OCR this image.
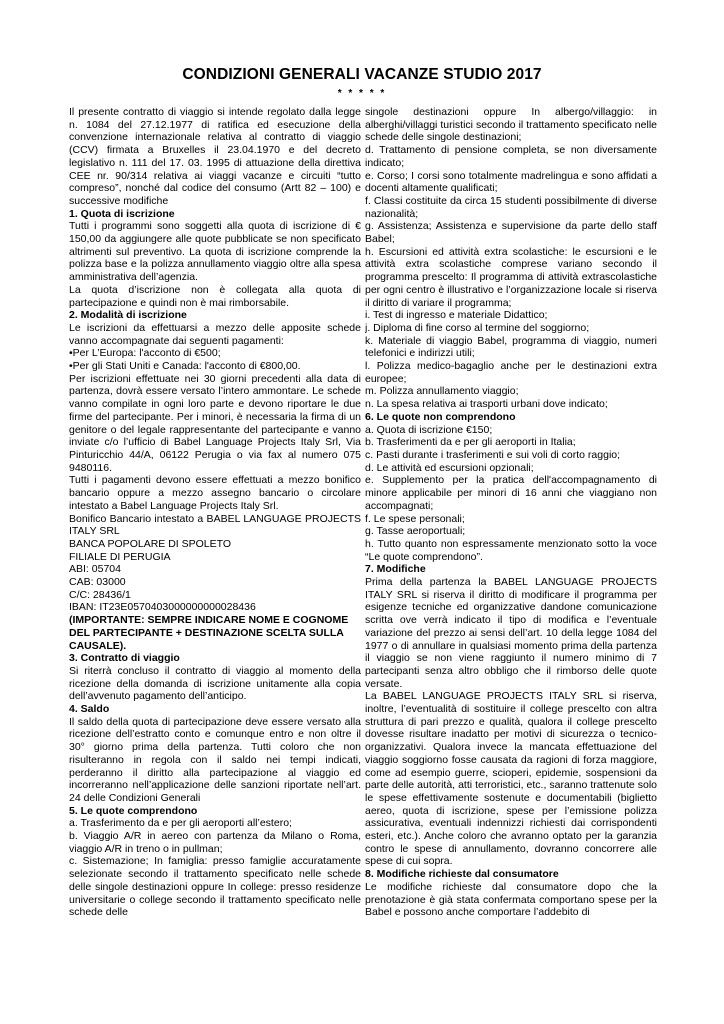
CONDIZIONI GENERALI VACANZE STUDIO 2017
* * * * *

Il presente contratto di viaggio si intende regolato dalla legge n. 1084 del 27.12.1977 di ratifica ed esecuzione della convenzione internazionale relativa al contratto di viaggio (CCV) firmata a Bruxelles il 23.04.1970 e del decreto legislativo n. 111 del 17. 03. 1995 di attuazione della direttiva CEE nr. 90/314 relativa ai viaggi vacanze e circuiti “tutto compreso”, nonché dal codice del consumo (Artt 82 – 100) e successive modifiche

1. Quota di iscrizione

Tutti i programmi sono soggetti alla quota di iscrizione di € 150,00 da aggiungere alle quote pubblicate se non specificato altrimenti sul preventivo. La quota di iscrizione comprende la polizza base e la polizza annullamento viaggio oltre alla spesa amministrativa dell’agenzia.

La quota d’iscrizione non è collegata alla quota di partecipazione e quindi non è mai rimborsabile.

2. Modalità di iscrizione

Le iscrizioni da effettuarsi a mezzo delle apposite schede vanno accompagnate dai seguenti pagamenti:

•Per L’Europa: l'acconto di €500;

•Per gli Stati Uniti e Canada: l'acconto di €800,00.

Per iscrizioni effettuate nei 30 giorni precedenti alla data di partenza, dovrà essere versato l’intero ammontare. Le schede vanno compilate in ogni loro parte e devono riportare le due firme del partecipante. Per i minori, è necessaria la firma di un genitore o del legale rappresentante del partecipante e vanno inviate c/o l’ufficio di Babel Language Projects Italy Srl, Via Pinturicchio 44/A, 06122 Perugia o via fax al numero 075 9480116.

Tutti i pagamenti devono essere effettuati a mezzo bonifico bancario oppure a mezzo assegno bancario o circolare intestato a Babel Language Projects Italy Srl.

Bonifico Bancario intestato a BABEL LANGUAGE PROJECTS ITALY SRL

BANCA POPOLARE DI SPOLETO

FILIALE DI PERUGIA

ABI: 05704

CAB: 03000

C/C: 28436/1

IBAN: IT23E0570403000000000028436

(IMPORTANTE: SEMPRE INDICARE NOME E COGNOME DEL PARTECIPANTE + DESTINAZIONE SCELTA SULLA CAUSALE).

3. Contratto di viaggio

Si riterrà concluso il contratto di viaggio al momento della ricezione della domanda di iscrizione unitamente alla copia dell’avvenuto pagamento dell’anticipo.

4. Saldo

Il saldo della quota di partecipazione deve essere versato alla ricezione dell’estratto conto e comunque entro e non oltre il 30° giorno prima della partenza. Tutti coloro che non risulteranno in regola con il saldo nei tempi indicati, perderanno il diritto alla partecipazione al viaggio ed incorreranno nell’applicazione delle sanzioni riportate nell’art. 24 delle Condizioni Generali

5. Le quote comprendono

a. Trasferimento da e per gli aeroporti all’estero;

b. Viaggio A/R in aereo con partenza da Milano o Roma, viaggio A/R in treno o in pullman;

c. Sistemazione; In famiglia: presso famiglie accuratamente selezionate secondo il trattamento specificato nelle schede delle singole destinazioni oppure In college: presso residenze universitarie o college secondo il trattamento specificato nelle schede delle

singole destinazioni oppure In albergo/villaggio: in alberghi/villaggi turistici secondo il trattamento specificato nelle schede delle singole destinazioni;

d. Trattamento di pensione completa, se non diversamente indicato;

e. Corso; I corsi sono totalmente madrelingua e sono affidati a docenti altamente qualificati;

f. Classi costituite da circa 15 studenti possibilmente di diverse nazionalità;

g. Assistenza; Assistenza e supervisione da parte dello staff Babel;

h. Escursioni ed attività extra scolastiche: le escursioni e le attività extra scolastiche comprese variano secondo il programma prescelto: Il programma di attività extrascolastiche per ogni centro è illustrativo e l’organizzazione locale si riserva il diritto di variare il programma;

i. Test di ingresso e materiale Didattico;

j. Diploma di fine corso al termine del soggiorno;

k. Materiale di viaggio Babel, programma di viaggio, numeri telefonici e indirizzi utili;

l. Polizza medico-bagaglio anche per le destinazioni extra europee;

m. Polizza annullamento viaggio;

n. La spesa relativa ai trasporti urbani dove indicato;

6. Le quote non comprendono

a. Quota di iscrizione €150;

b. Trasferimenti da e per gli aeroporti in Italia;

c. Pasti durante i trasferimenti e sui voli di corto raggio;

d. Le attività ed escursioni opzionali;

e. Supplemento per la pratica dell'accompagnamento di minore applicabile per minori di 16 anni che viaggiano non accompagnati;

f. Le spese personali;

g. Tasse aeroportuali;

h. Tutto quanto non espressamente menzionato sotto la voce “Le quote comprendono”.

7. Modifiche

Prima della partenza la BABEL LANGUAGE PROJECTS ITALY SRL si riserva il diritto di modificare il programma per esigenze tecniche ed organizzative dandone comunicazione scritta ove verrà indicato il tipo di modifica e l’eventuale variazione del prezzo ai sensi dell’art. 10 della legge 1084 del 1977 o di annullare in qualsiasi momento prima della partenza il viaggio se non viene raggiunto il numero minimo di 7 partecipanti senza altro obbligo che il rimborso delle quote versate.

La BABEL LANGUAGE PROJECTS ITALY SRL si riserva, inoltre, l’eventualità di sostituire il college prescelto con altra struttura di pari prezzo e qualità, qualora il college prescelto dovesse risultare inadatto per motivi di sicurezza o tecnico-organizzativi. Qualora invece la mancata effettuazione del viaggio soggiorno fosse causata da ragioni di forza maggiore, come ad esempio guerre, scioperi, epidemie, sospensioni da parte delle autorità, atti terroristici, etc., saranno trattenute solo le spese effettivamente sostenute e documentabili (biglietto aereo, quota di iscrizione, spese per l’emissione polizza assicurativa, eventuali indennizzi richiesti dai corrispondenti esteri, etc.). Anche coloro che avranno optato per la garanzia contro le spese di annullamento, dovranno concorrere alle spese di cui sopra.

8. Modifiche richieste dal consumatore

Le modifiche richieste dal consumatore dopo che la prenotazione è già stata confermata comportano spese per la Babel e possono anche comportare l’addebito di
